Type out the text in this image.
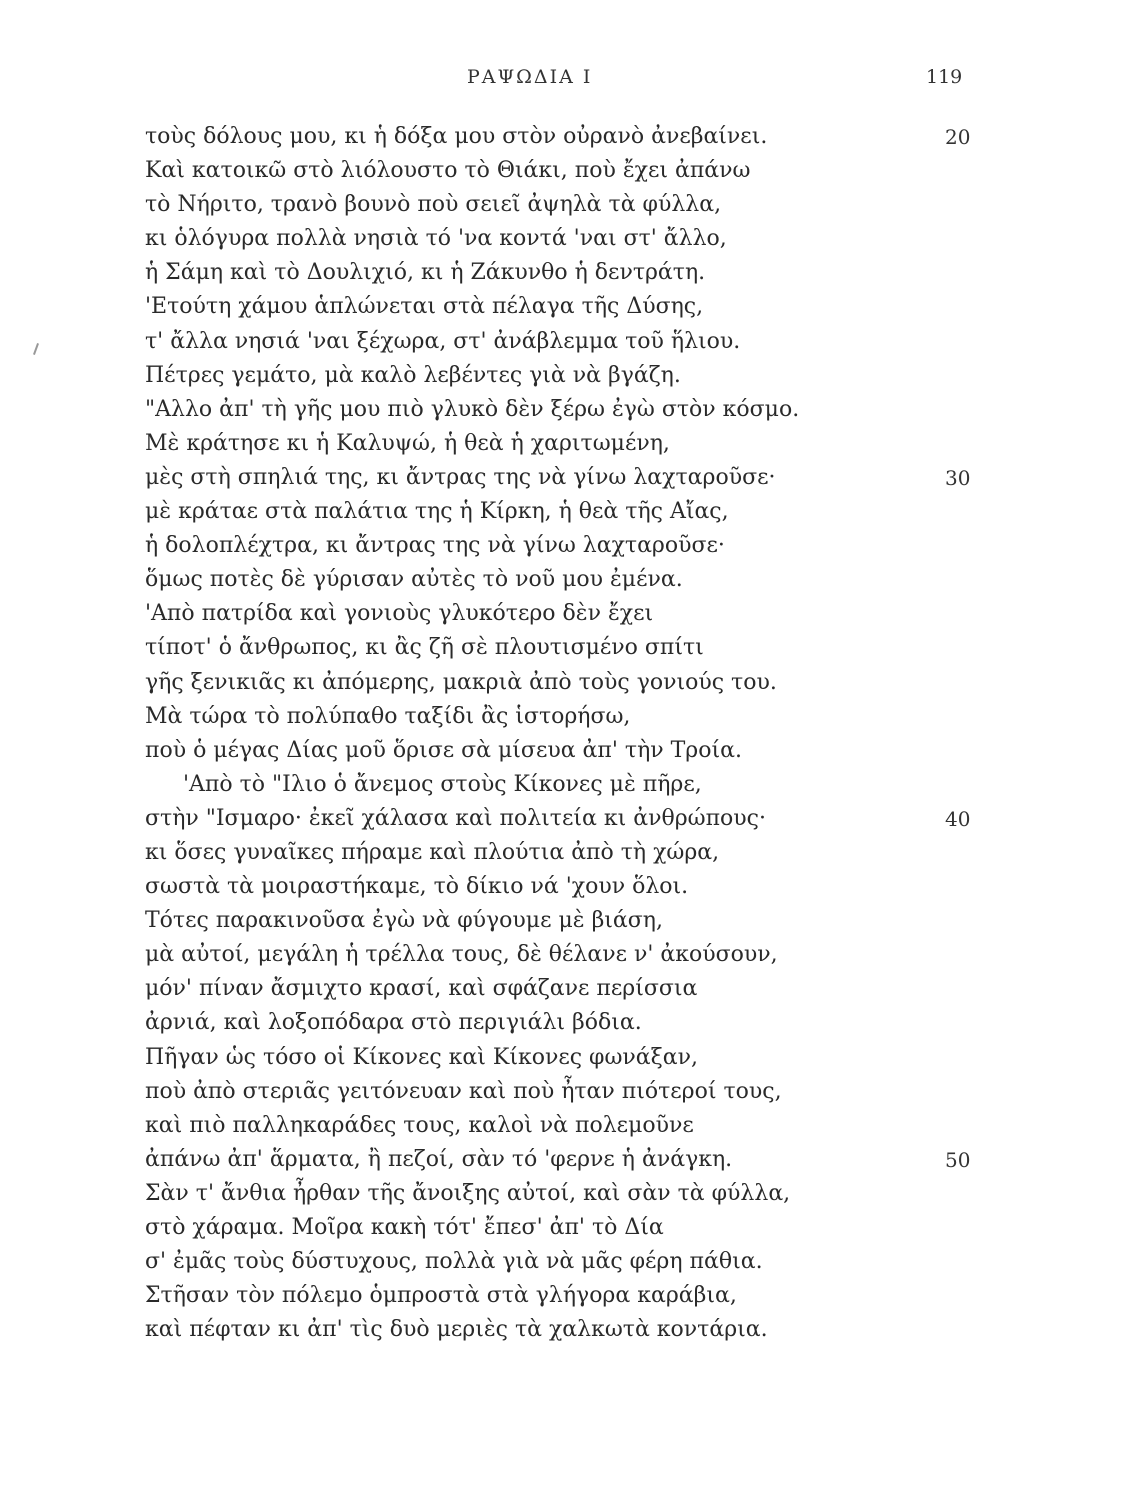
ΡΑΨΩΔΙΑ Ι	119
τοὺς δόλους μου, κι ἡ δόξα μου στὸν οὐρανὸ ἀνεβαίνει.	20
Καὶ κατοικῶ στὸ λιόλουστο τὸ Θιάκι, ποὺ ἔχει ἀπάνω
τὸ Νήριτο, τρανὸ βουνὸ ποὺ σειεῖ ἀψηλὰ τὰ φύλλα,
κι ὁλόγυρα πολλὰ νησιὰ τό 'να κοντά 'ναι στ' ἄλλο,
ἡ Σάμη καὶ τὸ Δουλιχιό, κι ἡ Ζάκυνθο ἡ δεντράτη.
'Ετούτη χάμου ἁπλώνεται στὰ πέλαγα τῆς Δύσης,
τ' ἄλλα νησιά 'ναι ξέχωρα, στ' ἀνάβλεμμα τοῦ ἥλιου.
Πέτρες γεμάτο, μὰ καλὸ λεβέντες γιὰ νὰ βγάζη.
"Αλλο ἀπ' τὴ γῆς μου πιὸ γλυκὸ δὲν ξέρω ἐγὼ στὸν κόσμο.
Μὲ κράτησε κι ἡ Καλυψώ, ἡ θεὰ ἡ χαριτωμένη,
μὲς στὴ σπηλιά της, κι ἄντρας της νὰ γίνω λαχταροῦσε·	30
μὲ κράταε στὰ παλάτια της ἡ Κίρκη, ἡ θεὰ τῆς Αἴας,
ἡ δολοπλέχτρα, κι ἄντρας της νὰ γίνω λαχταροῦσε·
ὅμως ποτὲς δὲ γύρισαν αὐτὲς τὸ νοῦ μου ἐμένα.
'Απὸ πατρίδα καὶ γονιοὺς γλυκότερο δὲν ἔχει
τίποτ' ὁ ἄνθρωπος, κι ἂς ζῆ σὲ πλουτισμένο σπίτι
γῆς ξενικιᾶς κι ἀπόμερης, μακριὰ ἀπὸ τοὺς γονιούς του.
Μὰ τώρα τὸ πολύπαθο ταξίδι ἂς ἱστορήσω,
ποὺ ὁ μέγας Δίας μοῦ ὅρισε σὰ μίσευα ἀπ' τὴν Τροία.
'Απὸ τὸ "Ιλιο ὁ ἄνεμος στοὺς Κίκονες μὲ πῆρε,
στὴν "Ισμαρο· ἐκεῖ χάλασα καὶ πολιτεία κι ἀνθρώπους·	40
κι ὅσες γυναῖκες πήραμε καὶ πλούτια ἀπὸ τὴ χώρα,
σωστὰ τὰ μοιραστήκαμε, τὸ δίκιο νά 'χουν ὅλοι.
Τότες παρακινοῦσα ἐγὼ νὰ φύγουμε μὲ βιάση,
μὰ αὐτοί, μεγάλη ἡ τρέλλα τους, δὲ θέλανε ν' ἀκούσουν,
μόν' πίναν ἄσμιχτο κρασί, καὶ σφάζανε περίσσια
ἀρνιά, καὶ λοξοπόδαρα στὸ περιγιάλι βόδια.
Πῆγαν ὡς τόσο οἱ Κίκονες καὶ Κίκονες φωνάξαν,
ποὺ ἀπὸ στεριᾶς γειτόνευαν καὶ ποὺ ἦταν πιότεροί τους,
καὶ πιὸ παλληκαράδες τους, καλοὶ νὰ πολεμοῦνε
ἀπάνω ἀπ' ἅρματα, ἢ πεζοί, σὰν τό 'φερνε ἡ ἀνάγκη.	50
Σὰν τ' ἄνθια ἦρθαν τῆς ἄνοιξης αὐτοί, καὶ σὰν τὰ φύλλα,
στὸ χάραμα. Μοῖρα κακὴ τότ' ἔπεσ' ἀπ' τὸ Δία
σ' ἐμᾶς τοὺς δύστυχους, πολλὰ γιὰ νὰ μᾶς φέρη πάθια.
Στῆσαν τὸν πόλεμο ὁμπροστὰ στὰ γλήγορα καράβια,
καὶ πέφταν κι ἀπ' τὶς δυὸ μεριὲς τὰ χαλκωτὰ κοντάρια.
